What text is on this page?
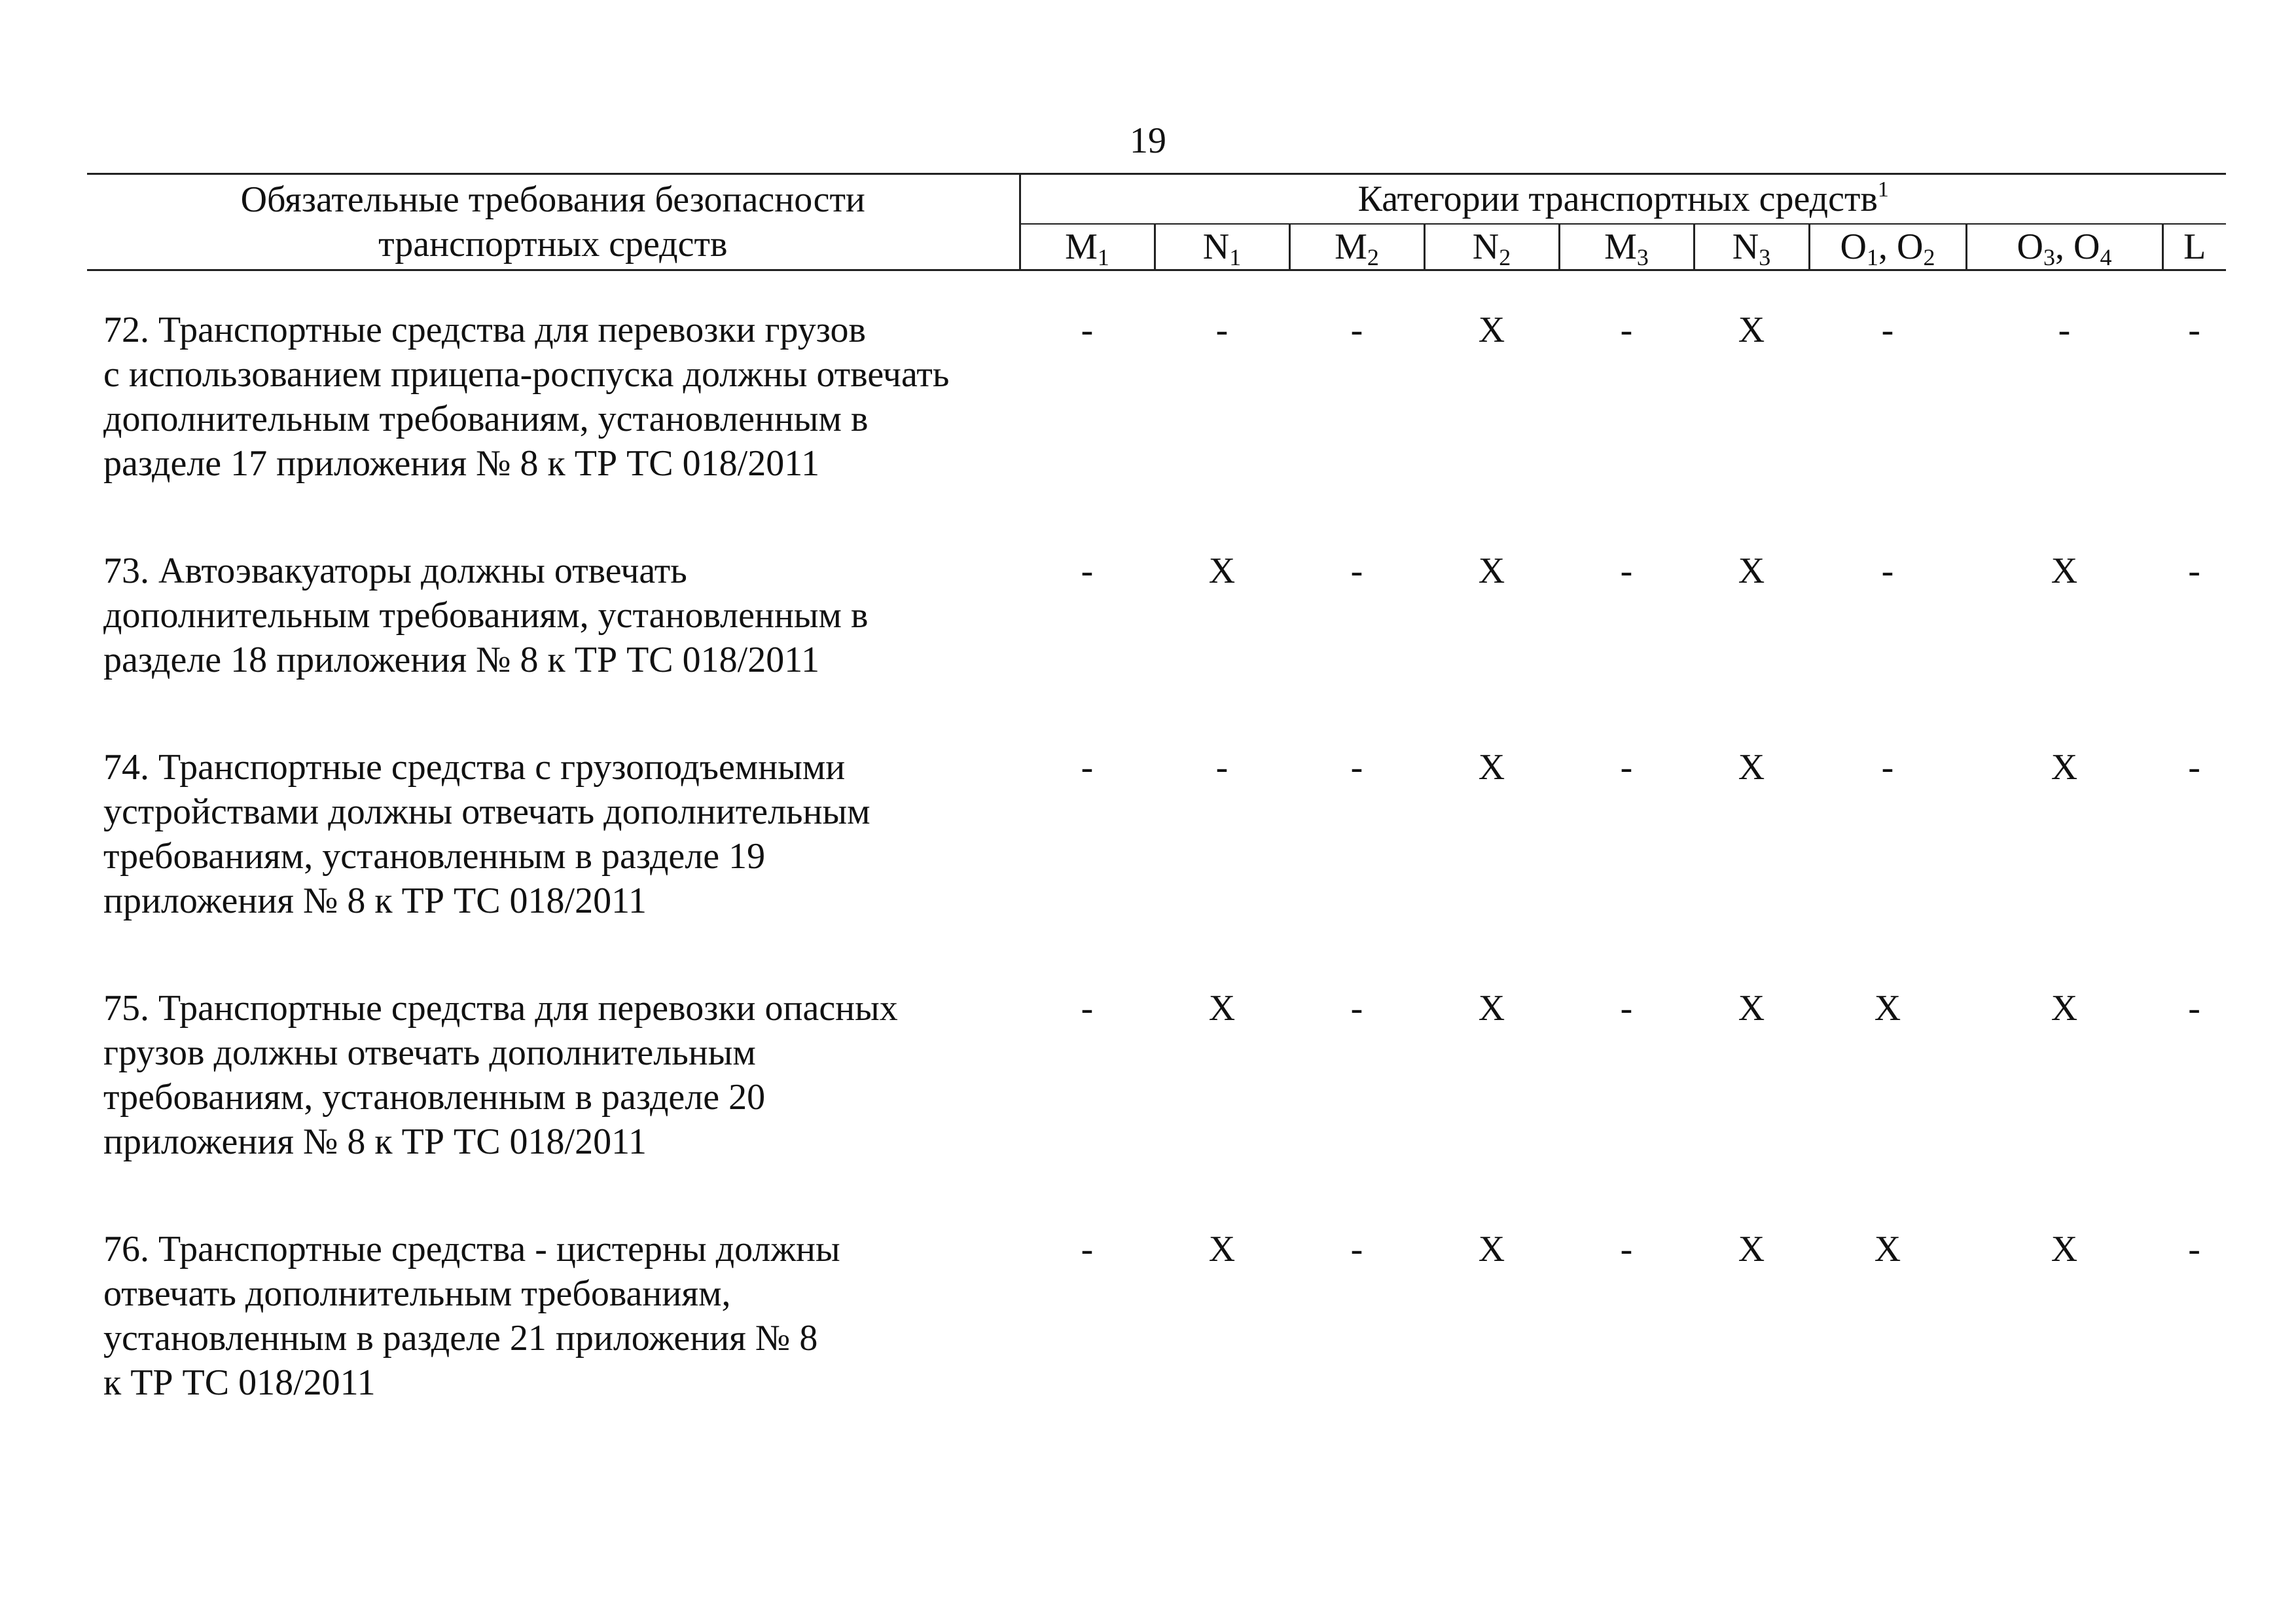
19
Обязательные требования безопасности
транспортных средств	Категории транспортных средств$^1$
	$M_1$	$N_1$	$M_2$	$N_2$	$M_3$	$N_3$	$O_1$, $O_2$	$O_3$, $O_4$	L

72. Транспортные средства для перевозки грузов
с использованием прицепа-роспуска должны отвечать
дополнительным требованиям, установленным в
разделе 17 приложения № 8 к ТР ТС 018/2011	-	-	-	X	-	X	-	-	-

73. Автоэвакуаторы должны отвечать
дополнительным требованиям, установленным в
разделе 18 приложения № 8 к ТР ТС 018/2011	-	X	-	X	-	X	-	X	-

74. Транспортные средства с грузоподъемными
устройствами должны отвечать дополнительным
требованиям, установленным в разделе 19
приложения № 8 к ТР ТС 018/2011	-	-	-	X	-	X	-	X	-

75. Транспортные средства для перевозки опасных
грузов должны отвечать дополнительным
требованиям, установленным в разделе 20
приложения № 8 к ТР ТС 018/2011	-	X	-	X	-	X	X	X	-

76. Транспортные средства - цистерны должны
отвечать дополнительным требованиям,
установленным в разделе 21 приложения № 8
к ТР ТС 018/2011	-	X	-	X	-	X	X	X	-
